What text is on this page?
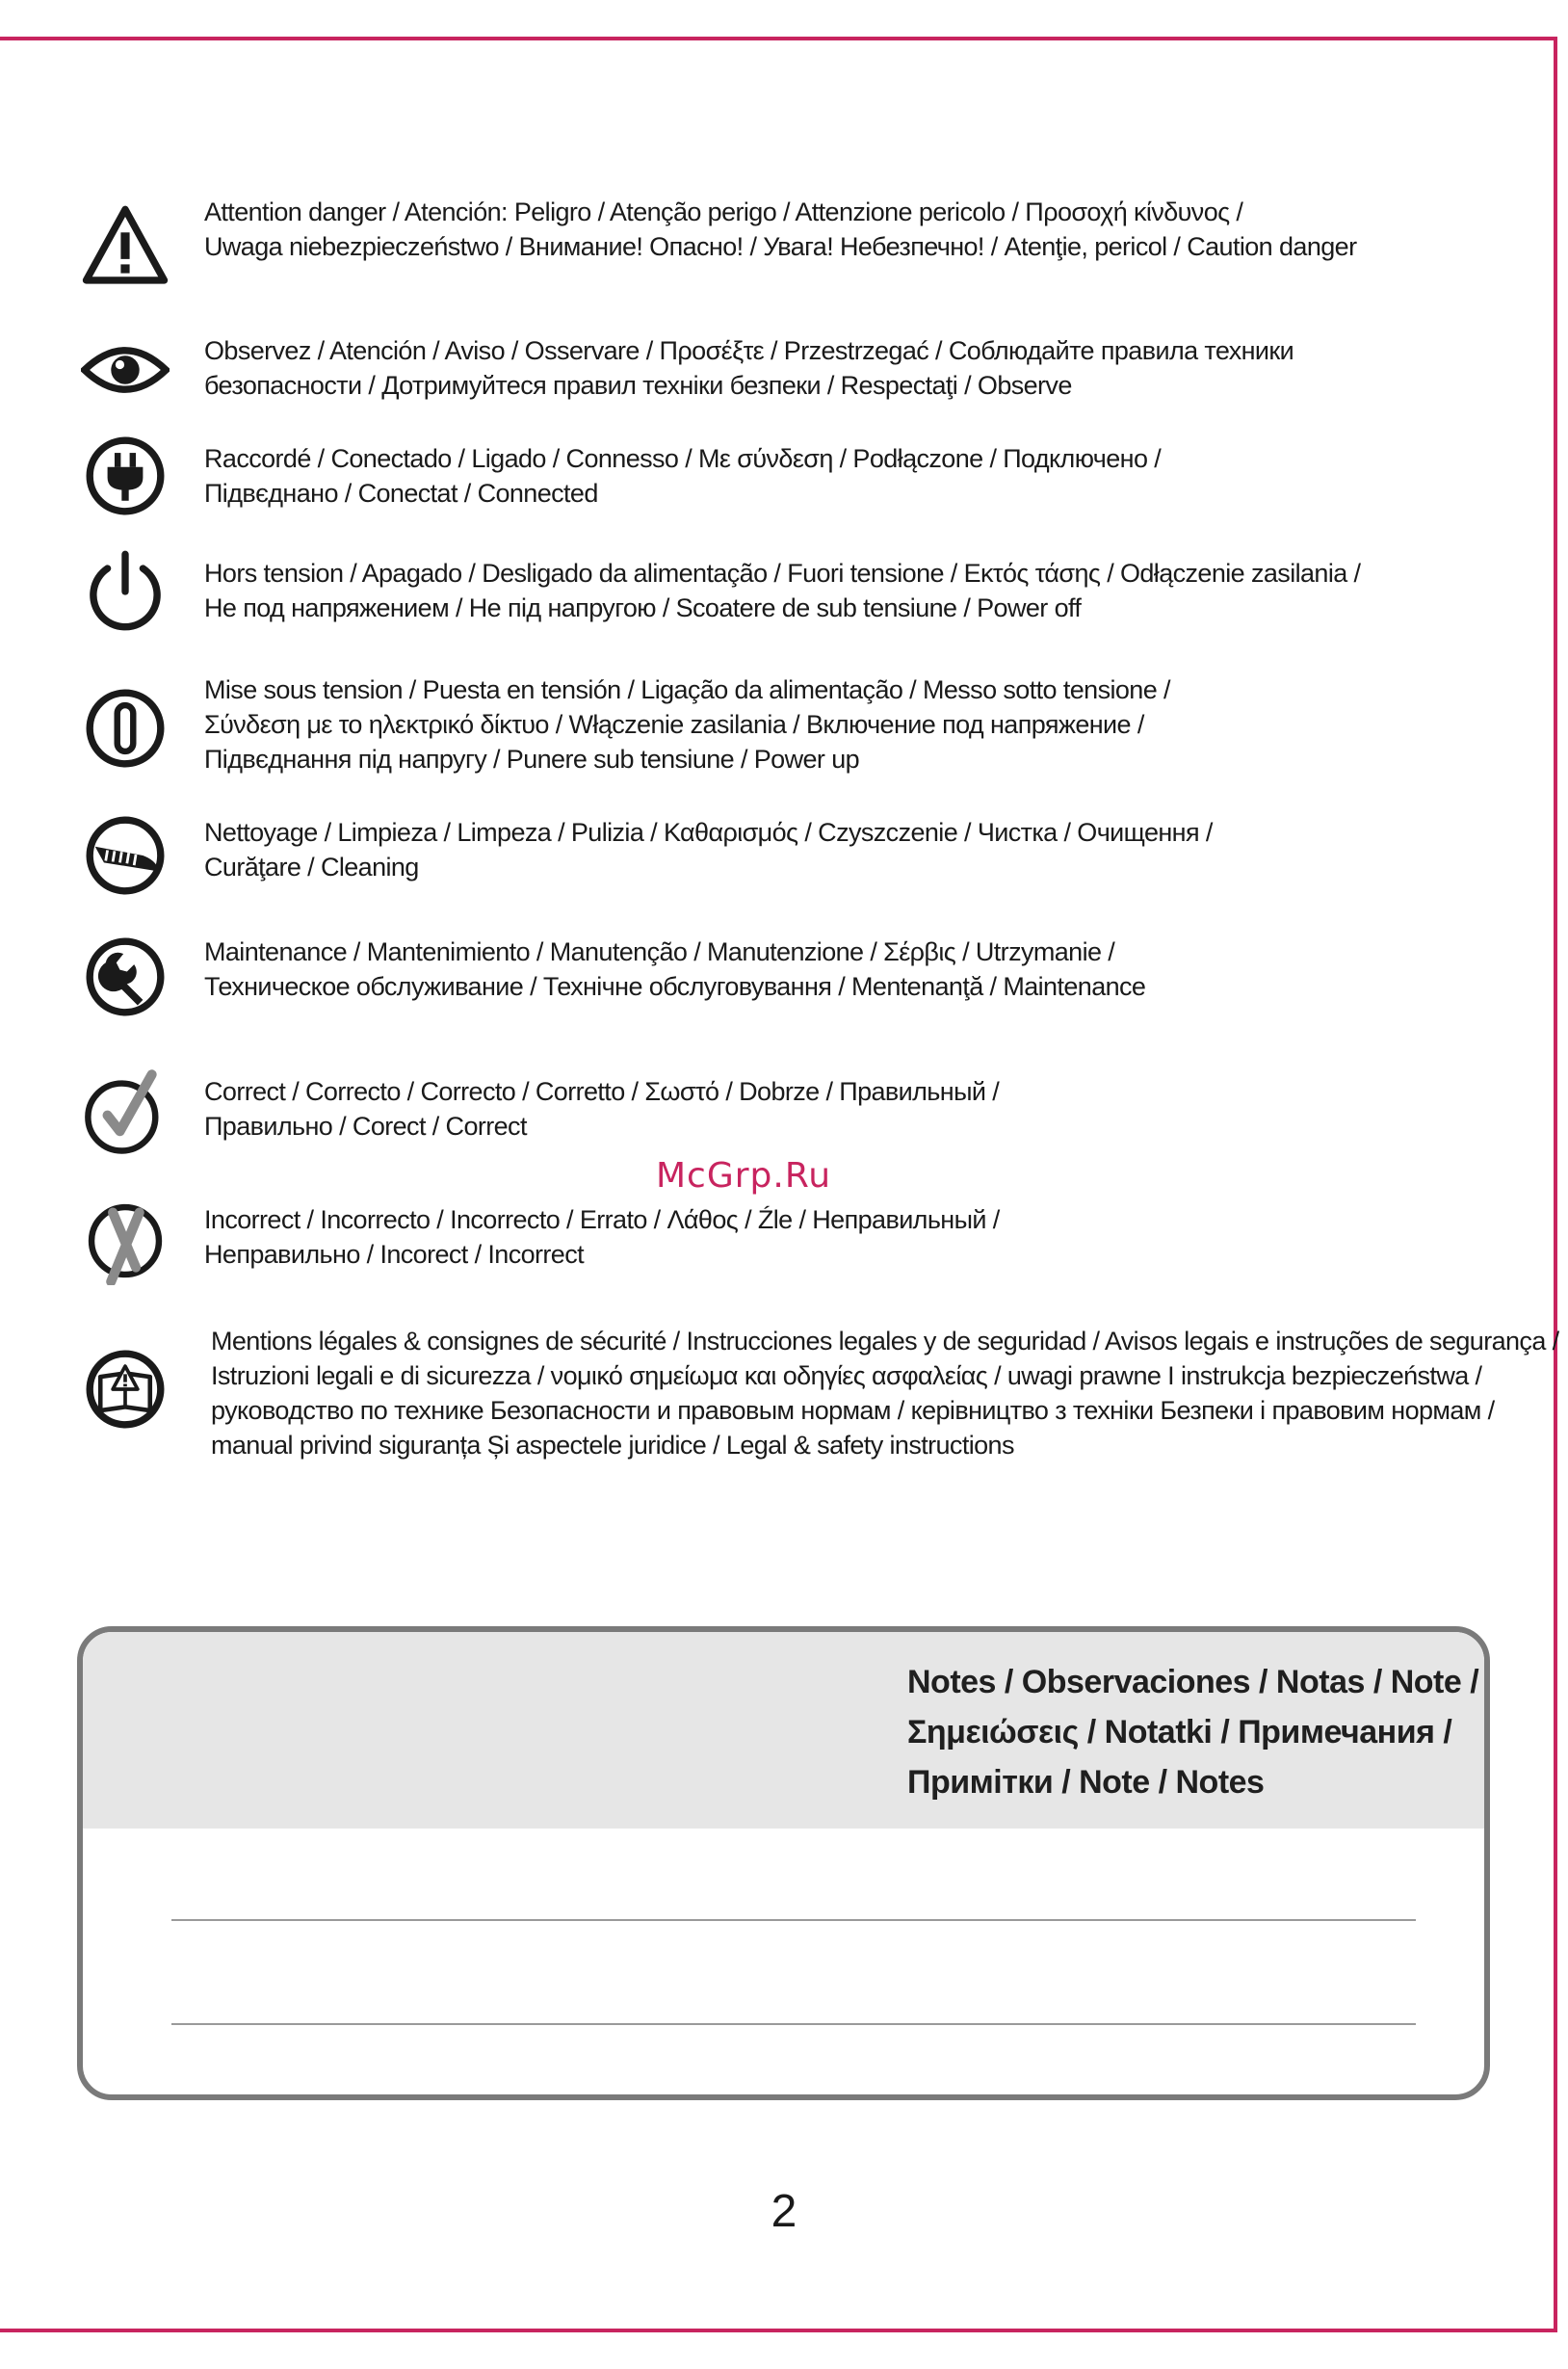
Attention danger / Atención: Peligro / Atenção perigo / Attenzione pericolo / Προσοχή κίνδυνος /
Uwaga niebezpieczeństwo / Внимание! Опасно! / Увага! Небезпечно! / Atenţie, pericol / Caution danger
Observez / Atención / Aviso / Osservare / Προσέξτε / Przestrzegać / Соблюдайте правила техники
безопасности / Дотримуйтеся правил техніки безпеки / Respectaţi / Observe
Raccordé / Conectado / Ligado / Connesso / Με σύνδεση / Podłączone / Подключено /
Підвєднано / Conectat / Connected
Hors tension / Apagado / Desligado da alimentação / Fuori tensione / Εκτός τάσης / Odłączenie zasilania /
Не под напряжением / Не під напругою / Scoatere de sub tensiune / Power off
Mise sous tension / Puesta en tensión / Ligação da alimentação / Messo sotto tensione /
Σύνδεση με το ηλεκτρικό δίκτυο / Włączenie zasilania / Включение под напряжение /
Підвєднання під напругу / Punere sub tensiune / Power up
Nettoyage / Limpieza / Limpeza / Pulizia / Καθαρισμός / Czyszczenie / Чистка / Очищення /
Curăţare / Cleaning
Maintenance / Mantenimiento / Manutenção / Manutenzione / Σέρβις / Utrzymanie /
Техническое обслуживание / Технічне обслуговування / Mentenanţă / Maintenance
Correct / Correcto / Correcto / Corretto / Σωστό / Dobrze / Правильный /
Правильно / Corect / Correct
McGrp.Ru
Incorrect / Incorrecto / Incorrecto / Errato / Λάθος / Źle / Неправильный /
Неправильно / Incorect / Incorrect
Mentions légales & consignes de sécurité / Instrucciones legales y de seguridad / Avisos legais e instruções de segurança /
Istruzioni legali e di sicurezza / νομικό σημείωμα και οδηγίες ασφαλείας / uwagi prawne I instrukcja bezpieczeństwa /
руководство по технике Безопасности и правовым нормам / керівництво з техніки Безпеки і правовим нормам /
manual privind siguranța Și aspectele juridice / Legal & safety instructions
Notes / Observaciones / Notas / Note /
Σημειώσεις / Notatki / Примечания /
Примітки / Note / Notes
2
